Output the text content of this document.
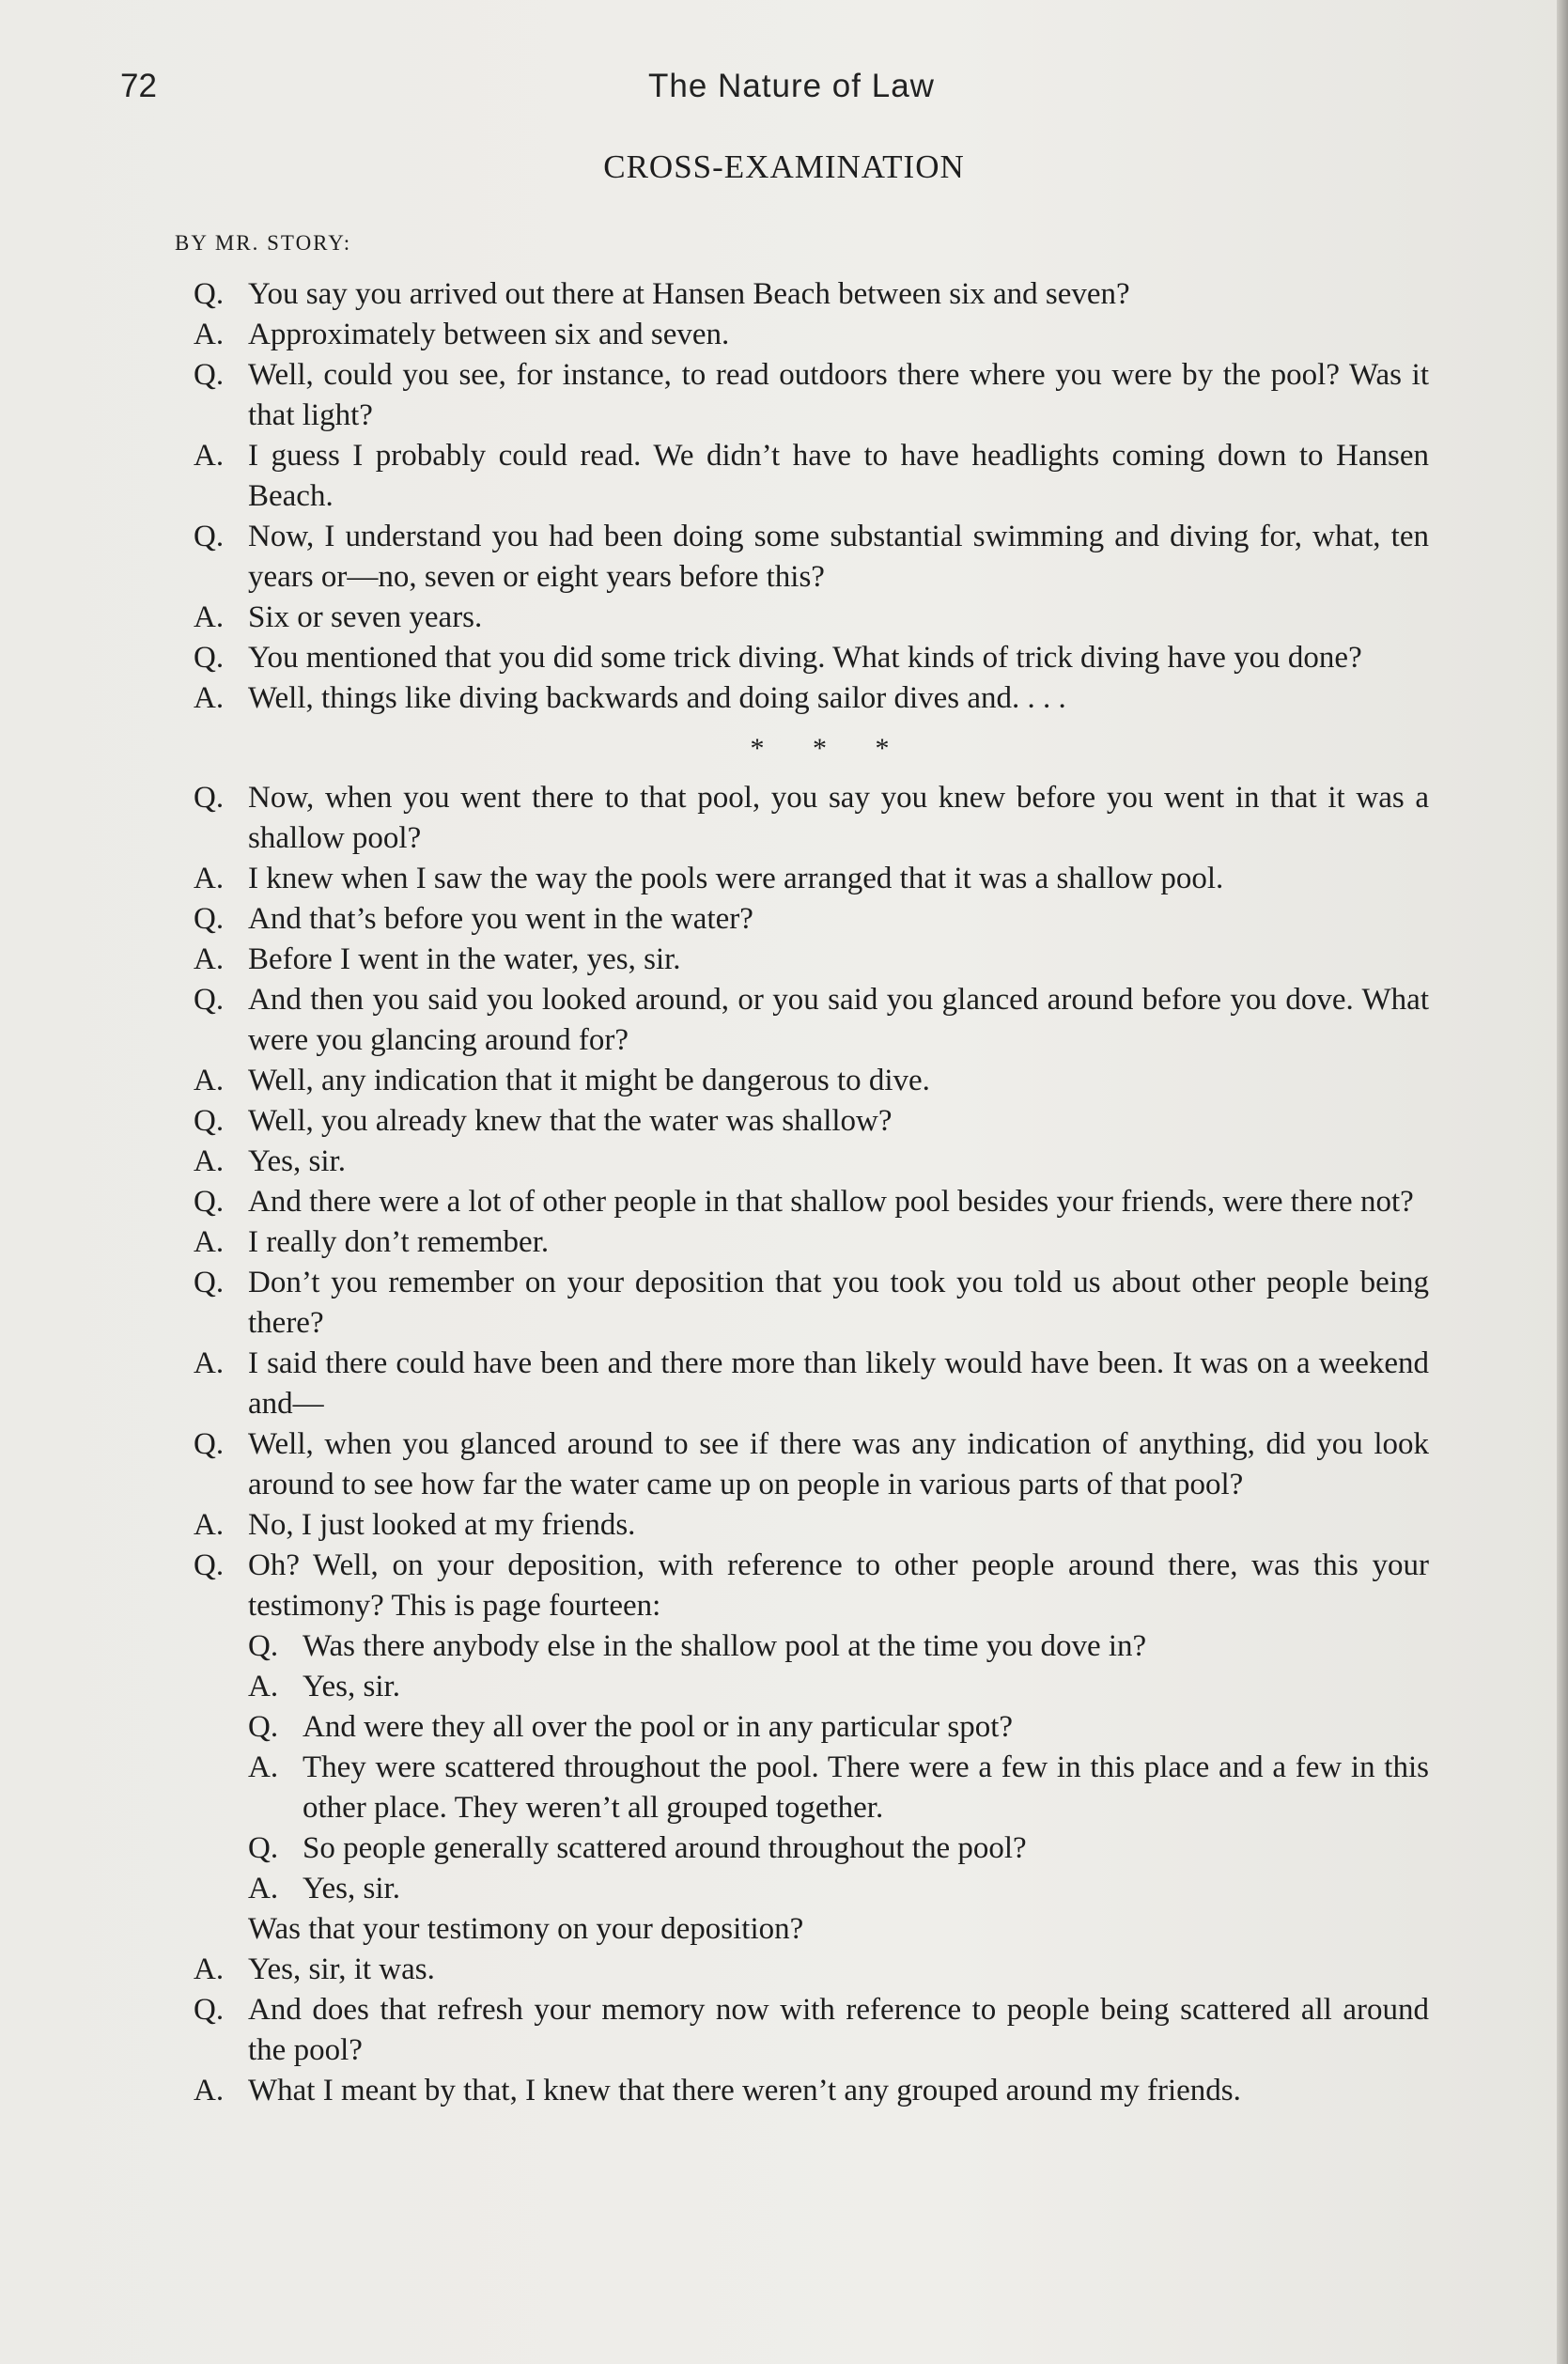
72	The Nature of Law
CROSS-EXAMINATION
BY MR. STORY:
Q. You say you arrived out there at Hansen Beach between six and seven?
A. Approximately between six and seven.
Q. Well, could you see, for instance, to read outdoors there where you were by the pool? Was it that light?
A. I guess I probably could read. We didn’t have to have headlights coming down to Hansen Beach.
Q. Now, I understand you had been doing some substantial swimming and diving for, what, ten years or—no, seven or eight years before this?
A. Six or seven years.
Q. You mentioned that you did some trick diving. What kinds of trick diving have you done?
A. Well, things like diving backwards and doing sailor dives and. . . .
* * *
Q. Now, when you went there to that pool, you say you knew before you went in that it was a shallow pool?
A. I knew when I saw the way the pools were arranged that it was a shallow pool.
Q. And that’s before you went in the water?
A. Before I went in the water, yes, sir.
Q. And then you said you looked around, or you said you glanced around before you dove. What were you glancing around for?
A. Well, any indication that it might be dangerous to dive.
Q. Well, you already knew that the water was shallow?
A. Yes, sir.
Q. And there were a lot of other people in that shallow pool besides your friends, were there not?
A. I really don’t remember.
Q. Don’t you remember on your deposition that you took you told us about other people being there?
A. I said there could have been and there more than likely would have been. It was on a weekend and—
Q. Well, when you glanced around to see if there was any indication of anything, did you look around to see how far the water came up on people in various parts of that pool?
A. No, I just looked at my friends.
Q. Oh? Well, on your deposition, with reference to other people around there, was this your testimony? This is page fourteen:
Q. Was there anybody else in the shallow pool at the time you dove in?
A. Yes, sir.
Q. And were they all over the pool or in any particular spot?
A. They were scattered throughout the pool. There were a few in this place and a few in this other place. They weren’t all grouped together.
Q. So people generally scattered around throughout the pool?
A. Yes, sir.
Was that your testimony on your deposition?
A. Yes, sir, it was.
Q. And does that refresh your memory now with reference to people being scattered all around the pool?
A. What I meant by that, I knew that there weren’t any grouped around my friends.
